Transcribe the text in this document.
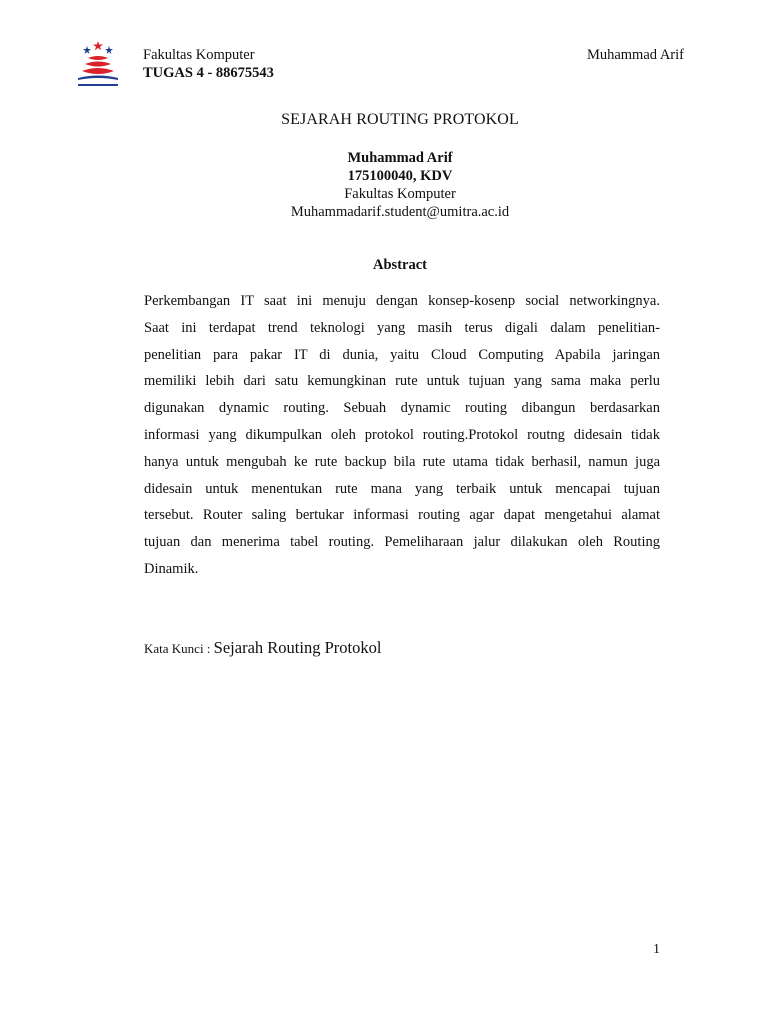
Fakultas Komputer
TUGAS 4 - 88675543
Muhammad Arif
SEJARAH ROUTING PROTOKOL
Muhammad Arif
175100040, KDV
Fakultas Komputer
Muhammadarif.student@umitra.ac.id
Abstract
Perkembangan IT saat ini menuju dengan konsep-kosenp social networkingnya.
Saat ini terdapat trend teknologi yang masih terus digali dalam penelitian-
penelitian para pakar IT di dunia, yaitu Cloud Computing Apabila jaringan
memiliki lebih dari satu kemungkinan rute untuk tujuan yang sama maka perlu
digunakan dynamic routing. Sebuah dynamic routing dibangun berdasarkan
informasi yang dikumpulkan oleh protokol routing.Protokol routng didesain tidak
hanya untuk mengubah ke rute backup bila rute utama tidak berhasil, namun juga
didesain untuk menentukan rute mana yang terbaik untuk mencapai tujuan
tersebut. Router saling bertukar informasi routing agar dapat mengetahui alamat
tujuan dan menerima tabel routing. Pemeliharaan jalur dilakukan oleh Routing
Dinamik.
Kata Kunci : Sejarah Routing Protokol
1
